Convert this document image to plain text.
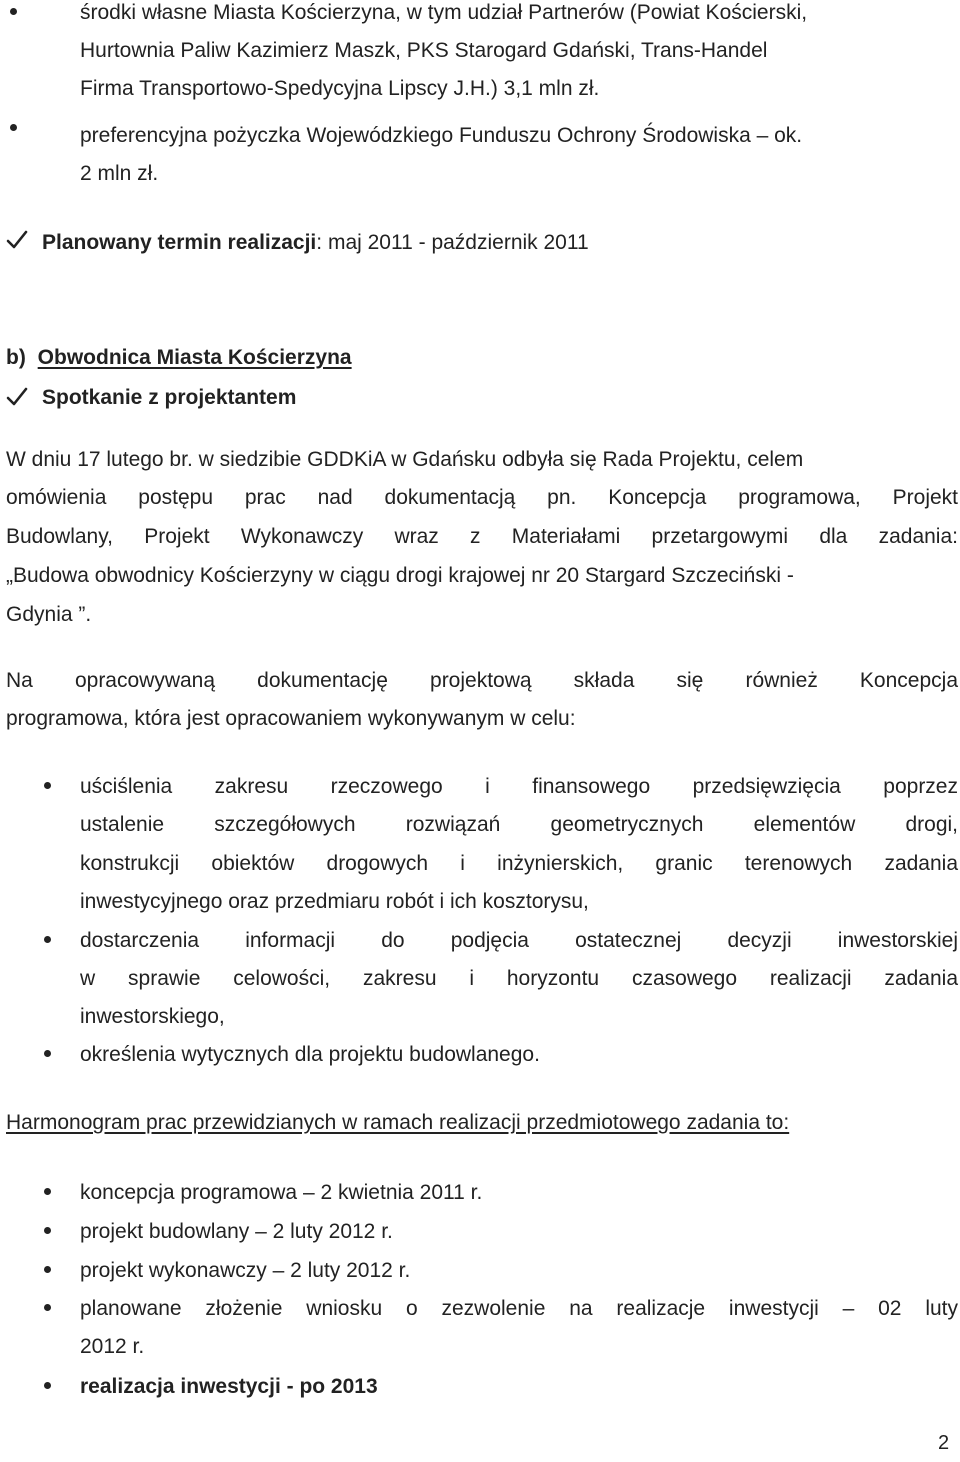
środki własne Miasta Kościerzyna, w tym udział Partnerów (Powiat Kościerski,
Hurtownia Paliw Kazimierz Maszk, PKS Starogard Gdański, Trans-Handel
Firma Transportowo-Spedycyjna Lipscy J.H.) 3,1 mln zł.
preferencyjna pożyczka Wojewódzkiego Funduszu Ochrony Środowiska – ok.
2 mln zł.
Planowany termin realizacji: maj 2011 - październik 2011
b) Obwodnica Miasta Kościerzyna
Spotkanie z projektantem
W dniu 17 lutego br. w siedzibie GDDKiA w Gdańsku odbyła się Rada Projektu, celem
omówienia postępu prac nad dokumentacją pn. Koncepcja programowa, Projekt
Budowlany, Projekt Wykonawczy wraz z Materiałami przetargowymi dla zadania:
„Budowa obwodnicy Kościerzyny w ciągu drogi krajowej nr 20 Stargard Szczeciński -
Gdynia ”.
Na opracowywaną dokumentację projektową składa się również Koncepcja
programowa, która jest opracowaniem wykonywanym w celu:
uściślenia zakresu rzeczowego i finansowego przedsięwzięcia poprzez
ustalenie szczegółowych rozwiązań geometrycznych elementów drogi,
konstrukcji obiektów drogowych i inżynierskich, granic terenowych zadania
inwestycyjnego oraz przedmiaru robót i ich kosztorysu,
dostarczenia informacji do podjęcia ostatecznej decyzji inwestorskiej
w sprawie celowości, zakresu i horyzontu czasowego realizacji zadania
inwestorskiego,
określenia wytycznych dla projektu budowlanego.
Harmonogram prac przewidzianych w ramach realizacji przedmiotowego zadania to:
koncepcja programowa – 2 kwietnia 2011 r.
projekt budowlany – 2 luty 2012 r.
projekt wykonawczy – 2 luty 2012 r.
planowane złożenie wniosku o zezwolenie na realizacje inwestycji – 02 luty
2012 r.
realizacja inwestycji - po 2013
2
